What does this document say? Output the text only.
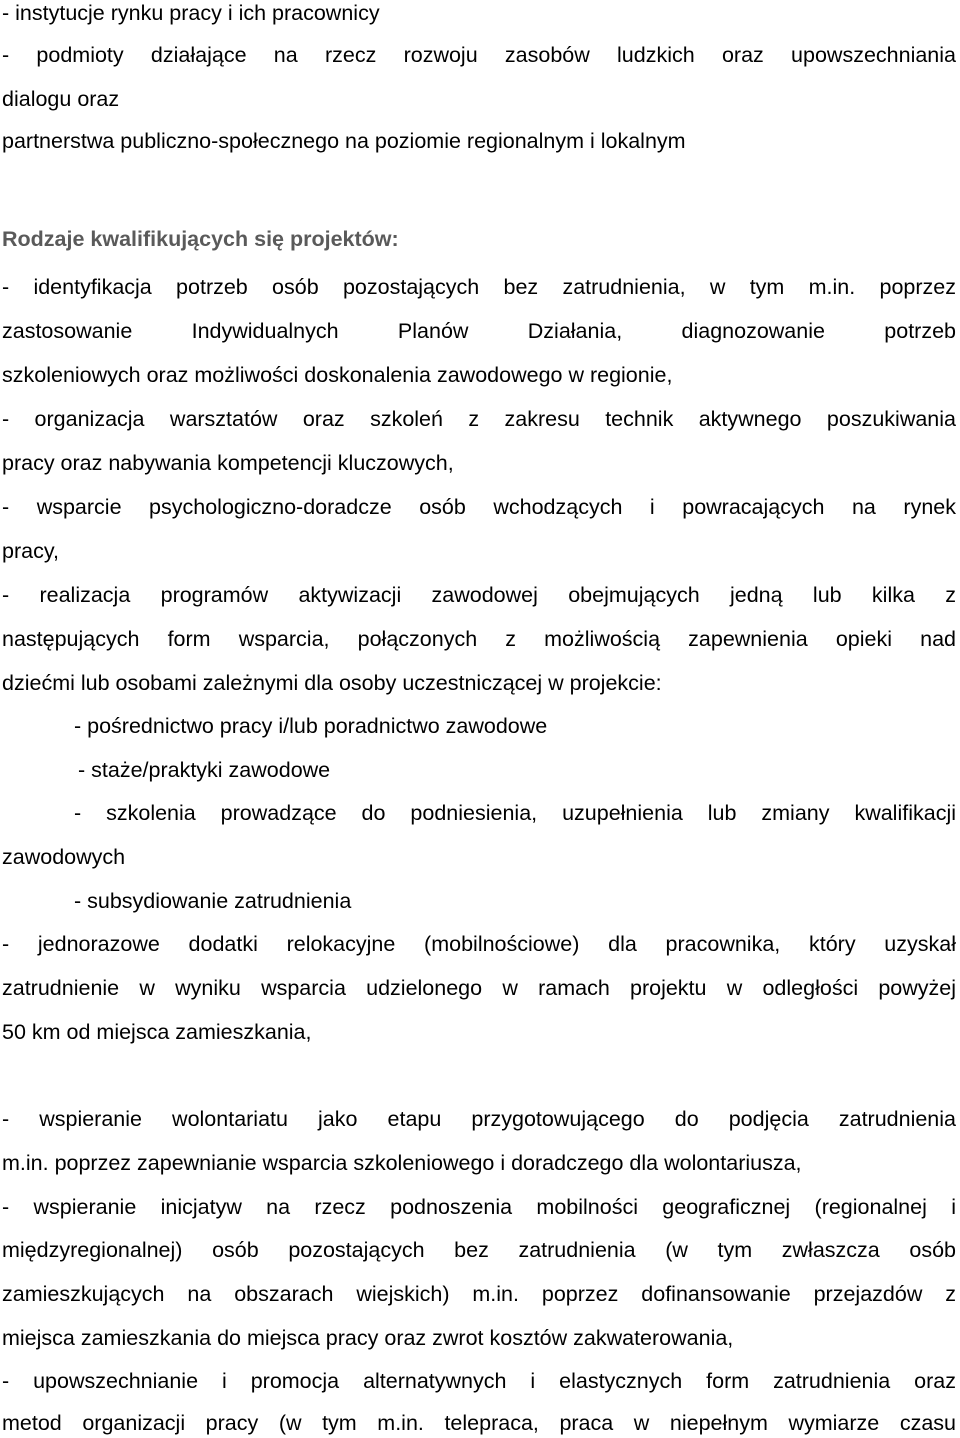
- instytucje rynku pracy i ich pracownicy
- podmioty działające na rzecz rozwoju zasobów ludzkich oraz upowszechniania
dialogu oraz
partnerstwa publiczno-społecznego na poziomie regionalnym i lokalnym
Rodzaje kwalifikujących się projektów:
- identyfikacja potrzeb osób pozostających bez zatrudnienia, w tym m.in. poprzez
zastosowanie Indywidualnych Planów Działania, diagnozowanie potrzeb
szkoleniowych oraz możliwości doskonalenia zawodowego w regionie,
- organizacja warsztatów oraz szkoleń z zakresu technik aktywnego poszukiwania
pracy oraz nabywania kompetencji kluczowych,
- wsparcie psychologiczno-doradcze osób wchodzących i powracających na rynek
pracy,
- realizacja programów aktywizacji zawodowej obejmujących jedną lub kilka z
następujących form wsparcia, połączonych z możliwością zapewnienia opieki nad
dziećmi lub osobami zależnymi dla osoby uczestniczącej w projekcie:
- pośrednictwo pracy i/lub poradnictwo zawodowe
- staże/praktyki zawodowe
- szkolenia prowadzące do podniesienia, uzupełnienia lub zmiany kwalifikacji
zawodowych
- subsydiowanie zatrudnienia
- jednorazowe dodatki relokacyjne (mobilnościowe) dla pracownika, który uzyskał
zatrudnienie w wyniku wsparcia udzielonego w ramach projektu w odległości powyżej
50 km od miejsca zamieszkania,
- wspieranie wolontariatu jako etapu przygotowującego do podjęcia zatrudnienia
m.in. poprzez zapewnianie wsparcia szkoleniowego i doradczego dla wolontariusza,
- wspieranie inicjatyw na rzecz podnoszenia mobilności geograficznej (regionalnej i
międzyregionalnej) osób pozostających bez zatrudnienia (w tym zwłaszcza osób
zamieszkujących na obszarach wiejskich) m.in. poprzez dofinansowanie przejazdów z
miejsca zamieszkania do miejsca pracy oraz zwrot kosztów zakwaterowania,
- upowszechnianie i promocja alternatywnych i elastycznych form zatrudnienia oraz
metod organizacji pracy (w tym m.in. telepraca, praca w niepełnym wymiarze czasu
